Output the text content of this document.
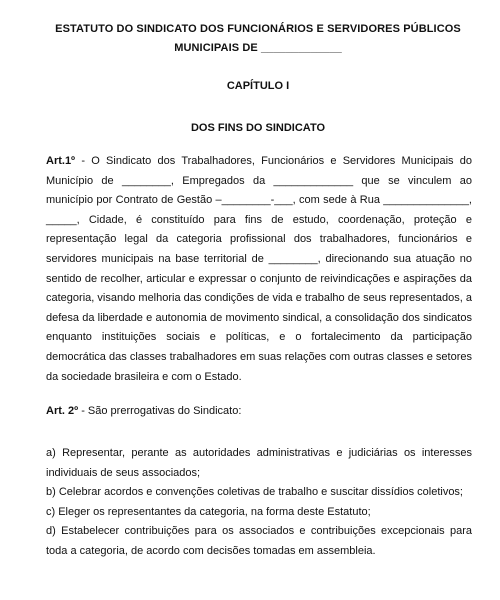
ESTATUTO DO SINDICATO DOS FUNCIONÁRIOS E SERVIDORES PÚBLICOS
MUNICIPAIS DE _____________
CAPÍTULO I
DOS FINS DO SINDICATO
Art.1º - O Sindicato dos Trabalhadores, Funcionários e Servidores Municipais do Município de ________, Empregados da _____________ que se vinculem ao município por Contrato de Gestão –________-___, com sede à Rua ______________, _____, Cidade, é constituído para fins de estudo, coordenação, proteção e representação legal da categoria profissional dos trabalhadores, funcionários e servidores municipais na base territorial de ________, direcionando sua atuação no sentido de recolher, articular e expressar o conjunto de reivindicações e aspirações da categoria, visando melhoria das condições de vida e trabalho de seus representados, a defesa da liberdade e autonomia de movimento sindical, a consolidação dos sindicatos enquanto instituições sociais e políticas, e o fortalecimento da participação democrática das classes trabalhadores em suas relações com outras classes e setores da sociedade brasileira e com o Estado.
Art. 2º - São prerrogativas do Sindicato:

a) Representar, perante as autoridades administrativas e judiciárias os interesses individuais de seus associados;

b) Celebrar acordos e convenções coletivas de trabalho e suscitar dissídios coletivos;

c) Eleger os representantes da categoria, na forma deste Estatuto;

d) Estabelecer contribuições para os associados e contribuições excepcionais para toda a categoria, de acordo com decisões tomadas em assembleia.
